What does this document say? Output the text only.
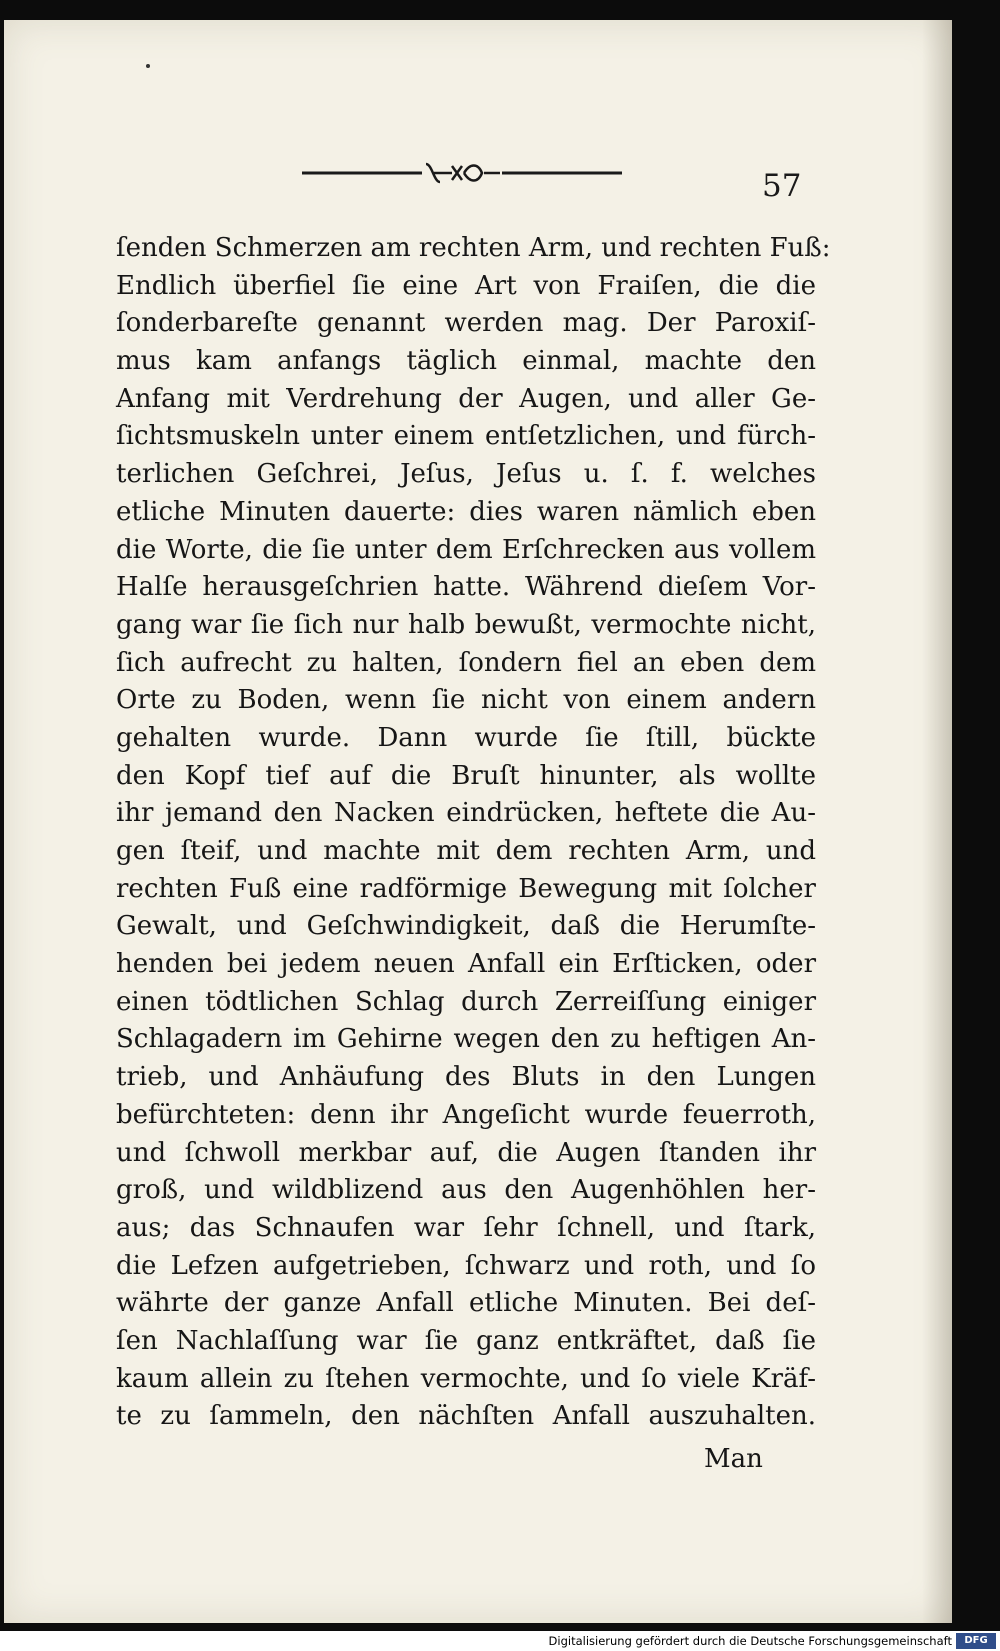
57
ſenden Schmerzen am rechten Arm, und rechten Fuß:
Endlich überfiel ſie eine Art von Fraiſen, die die
ſonderbareſte genannt werden mag. Der Paroxiſ-
mus kam anfangs täglich einmal, machte den
Anfang mit Verdrehung der Augen, und aller Ge-
ſichtsmuskeln unter einem entſetzlichen, und fürch-
terlichen Geſchrei, Jeſus, Jeſus u. ſ. f. welches
etliche Minuten dauerte: dies waren nämlich eben
die Worte, die ſie unter dem Erſchrecken aus vollem
Halſe herausgeſchrien hatte. Während dieſem Vor-
gang war ſie ſich nur halb bewußt, vermochte nicht,
ſich aufrecht zu halten, ſondern fiel an eben dem
Orte zu Boden, wenn ſie nicht von einem andern
gehalten wurde. Dann wurde ſie ſtill, bückte
den Kopf tief auf die Bruſt hinunter, als wollte
ihr jemand den Nacken eindrücken, heftete die Au-
gen ſteif, und machte mit dem rechten Arm, und
rechten Fuß eine radförmige Bewegung mit ſolcher
Gewalt, und Geſchwindigkeit, daß die Herumſte-
henden bei jedem neuen Anfall ein Erſticken, oder
einen tödtlichen Schlag durch Zerreiſſung einiger
Schlagadern im Gehirne wegen den zu heftigen An-
trieb, und Anhäufung des Bluts in den Lungen
befürchteten: denn ihr Angeſicht wurde feuerroth,
und ſchwoll merkbar auf, die Augen ſtanden ihr
groß, und wildblizend aus den Augenhöhlen her-
aus; das Schnaufen war ſehr ſchnell, und ſtark,
die Lefzen aufgetrieben, ſchwarz und roth, und ſo
währte der ganze Anfall etliche Minuten. Bei deſ-
ſen Nachlaſſung war ſie ganz entkräftet, daß ſie
kaum allein zu ſtehen vermochte, und ſo viele Kräf-
te zu ſammeln, den nächſten Anfall auszuhalten.
Man
Digitalisierung gefördert durch die Deutsche Forschungsgemeinschaft	DFG
